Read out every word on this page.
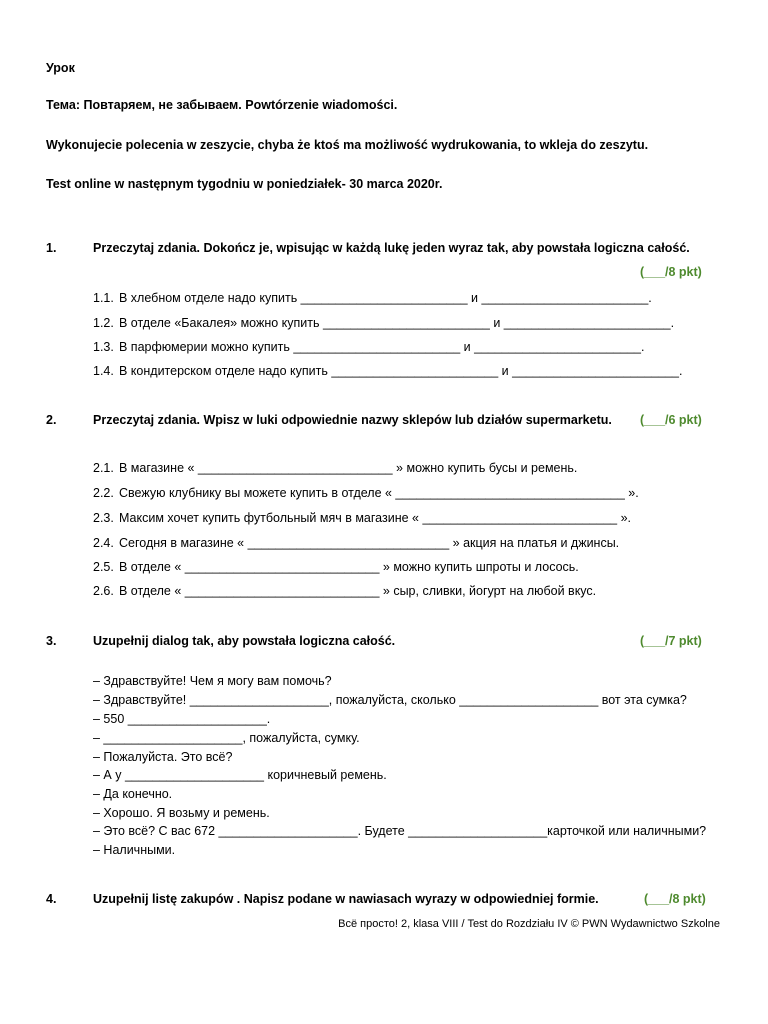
Урок
Тема: Повтаряем, не забываем. Powtórzenie wiadomości.
Wykonujecie polecenia w zeszycie, chyba że ktoś ma możliwość wydrukowania, to wkleja do zeszytu.
Test online w następnym tygodniu w poniedziałek- 30 marca 2020r.
1.	Przeczytaj zdania. Dokończ je, wpisując w każdą lukę jeden wyraz tak, aby powstała logiczna całość.
(___/8 pkt)
1.1. В хлебном отделе надо купить ________________________ и ________________________.
1.2. В отделе «Бакалея» можно купить ________________________ и ________________________.
1.3. В парфюмерии можно купить ________________________ и ________________________.
1.4. В кондитерском отделе надо купить ________________________ и ________________________.
2.	Przeczytaj zdania. Wpisz w luki odpowiednie nazwy sklepów lub działów supermarketu. (___/6 pkt)
2.1. В магазине « ____________________________ » можно купить бусы и ремень.
2.2. Свежую клубнику вы можете купить в отделе « _________________________________ ».
2.3. Максим хочет купить футбольный мяч в магазине « ____________________________ ».
2.4. Сегодня в магазине « _____________________________ » акция на платья и джинсы.
2.5. В отделе « ____________________________ » можно купить шпроты и лосось.
2.6. В отделе « ____________________________ » сыр, сливки, йогурт на любой вкус.
3.	Uzupełnij dialog tak, aby powstała logiczna całość.	(___/7 pkt)
– Здравствуйте! Чем я могу вам помочь?
– Здравствуйте! ____________________, пожалуйста, сколько ____________________ вот эта сумка?
– 550 ____________________.
– ____________________, пожалуйста, сумку.
– Пожалуйста. Это всё?
– А у ____________________ коричневый ремень.
– Да конечно.
– Хорошо. Я возьму и ремень.
– Это всё? С вас 672 ____________________. Будете ____________________карточкой или наличными?
– Наличными.
4.	Uzupełnij listę zakupów . Napisz podane w nawiasach wyrazy w odpowiedniej formie.	(___/8 pkt)
Всё просто! 2, klasa VIII / Test do Rozdziału IV © PWN Wydawnictwo Szkolne
